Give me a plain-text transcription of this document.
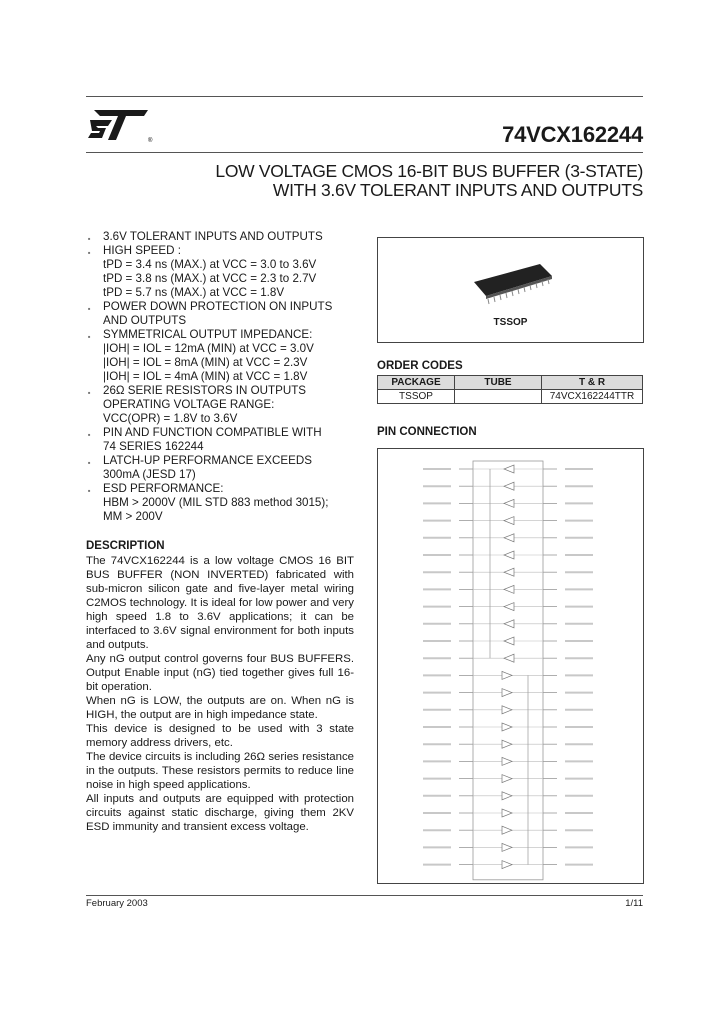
®	74VCX162244
LOW VOLTAGE CMOS 16-BIT BUS BUFFER (3-STATE)
WITH 3.6V TOLERANT INPUTS AND OUTPUTS
■ 3.6V TOLERANT INPUTS AND OUTPUTS
■ HIGH SPEED :
tPD = 3.4 ns (MAX.) at VCC = 3.0 to 3.6V
tPD = 3.8 ns (MAX.) at VCC = 2.3 to 2.7V
tPD = 5.7 ns (MAX.) at VCC = 1.8V
■ POWER DOWN PROTECTION ON INPUTS AND OUTPUTS
■ SYMMETRICAL OUTPUT IMPEDANCE:
|IOH| = IOL = 12mA (MIN) at VCC = 3.0V
|IOH| = IOL = 8mA (MIN) at VCC = 2.3V
|IOH| = IOL = 4mA (MIN) at VCC = 1.8V
■ 26Ω SERIE RESISTORS IN OUTPUTS
OPERATING VOLTAGE RANGE:
VCC(OPR) = 1.8V to 3.6V
■ PIN AND FUNCTION COMPATIBLE WITH
74 SERIES 162244
■ LATCH-UP PERFORMANCE EXCEEDS
300mA (JESD 17)
■ ESD PERFORMANCE:
HBM > 2000V (MIL STD 883 method 3015);
MM > 200V
DESCRIPTION

The 74VCX162244 is a low voltage CMOS 16 BIT BUS BUFFER (NON INVERTED) fabricated with sub-micron silicon gate and five-layer metal wiring C2MOS technology. It is ideal for low power and very high speed 1.8 to 3.6V applications; it can be interfaced to 3.6V signal environment for both inputs and outputs.

Any nG output control governs four BUS BUFFERS. Output Enable input (nG) tied together gives full 16-bit operation.

When nG is LOW, the outputs are on. When nG is HIGH, the output are in high impedance state.

This device is designed to be used with 3 state memory address drivers, etc.

The device circuits is including 26Ω series resistance in the outputs. These resistors permits to reduce line noise in high speed applications.

All inputs and outputs are equipped with protection circuits against static discharge, giving them 2KV ESD immunity and transient excess voltage.

TSSOP
ORDER CODES
PACKAGE	TUBE	T & R
TSSOP		74VCX162244TTR
PIN CONNECTION
February 2003	1/11
